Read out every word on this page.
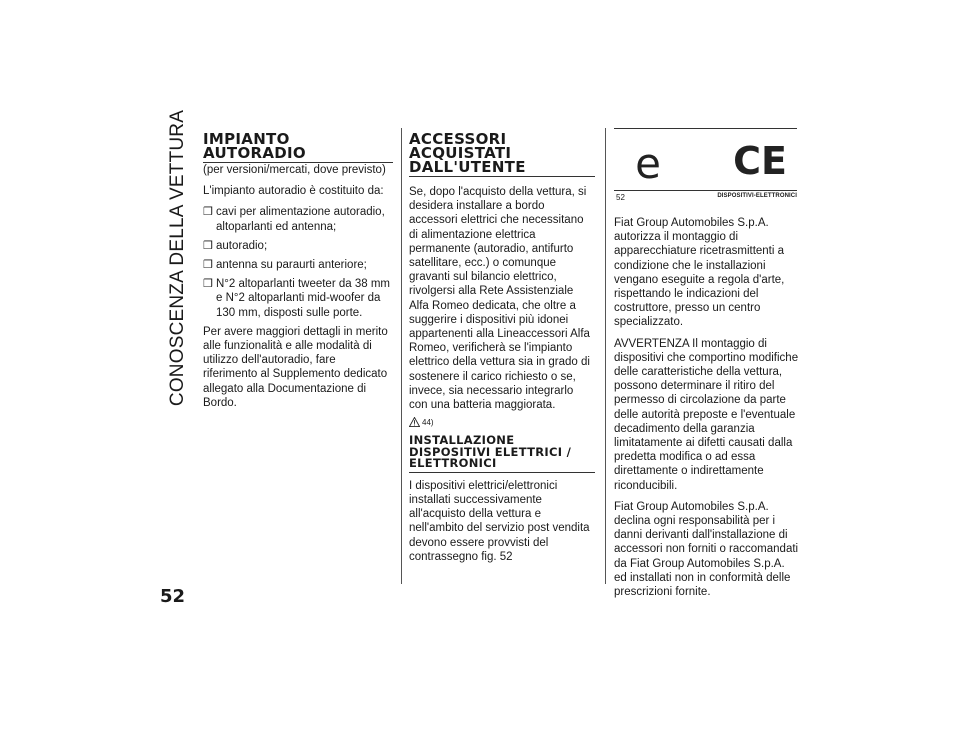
CONOSCENZA DELLA VETTURA
52
IMPIANTO AUTORADIO

(per versioni/mercati, dove previsto)

L'impianto autoradio è costituito da:

❒ cavi per alimentazione autoradio, altoparlanti ed antenna;
❒ autoradio;
❒ antenna su paraurti anteriore;
❒ N°2 altoparlanti tweeter da 38 mm e N°2 altoparlanti mid-woofer da 130 mm, disposti sulle porte.

Per avere maggiori dettagli in merito alle funzionalità e alle modalità di utilizzo dell'autoradio, fare riferimento al Supplemento dedicato allegato alla Documentazione di Bordo.

ACCESSORI ACQUISTATI DALL'UTENTE

Se, dopo l'acquisto della vettura, si desidera installare a bordo accessori elettrici che necessitano di alimentazione elettrica permanente (autoradio, antifurto satellitare, ecc.) o comunque gravanti sul bilancio elettrico, rivolgersi alla Rete Assistenziale Alfa Romeo dedicata, che oltre a suggerire i dispositivi più idonei appartenenti alla Lineaccessori Alfa Romeo, verificherà se l'impianto elettrico della vettura sia in grado di sostenere il carico richiesto o se, invece, sia necessario integrarlo con una batteria maggiorata.

44)
INSTALLAZIONE DISPOSITIVI ELETTRICI / ELETTRONICI

I dispositivi elettrici/elettronici installati successivamente all'acquisto della vettura e nell'ambito del servizio post vendita devono essere provvisti del contrassegno fig. 52

e CE
52	DISPOSITIVI-ELETTRONICI

Fiat Group Automobiles S.p.A. autorizza il montaggio di apparecchiature ricetrasmittenti a condizione che le installazioni vengano eseguite a regola d'arte, rispettando le indicazioni del costruttore, presso un centro specializzato.

AVVERTENZA Il montaggio di dispositivi che comportino modifiche delle caratteristiche della vettura, possono determinare il ritiro del permesso di circolazione da parte delle autorità preposte e l'eventuale decadimento della garanzia limitatamente ai difetti causati dalla predetta modifica o ad essa direttamente o indirettamente riconducibili.

Fiat Group Automobiles S.p.A. declina ogni responsabilità per i danni derivanti dall'installazione di accessori non forniti o raccomandati da Fiat Group Automobiles S.p.A. ed installati non in conformità delle prescrizioni fornite.
